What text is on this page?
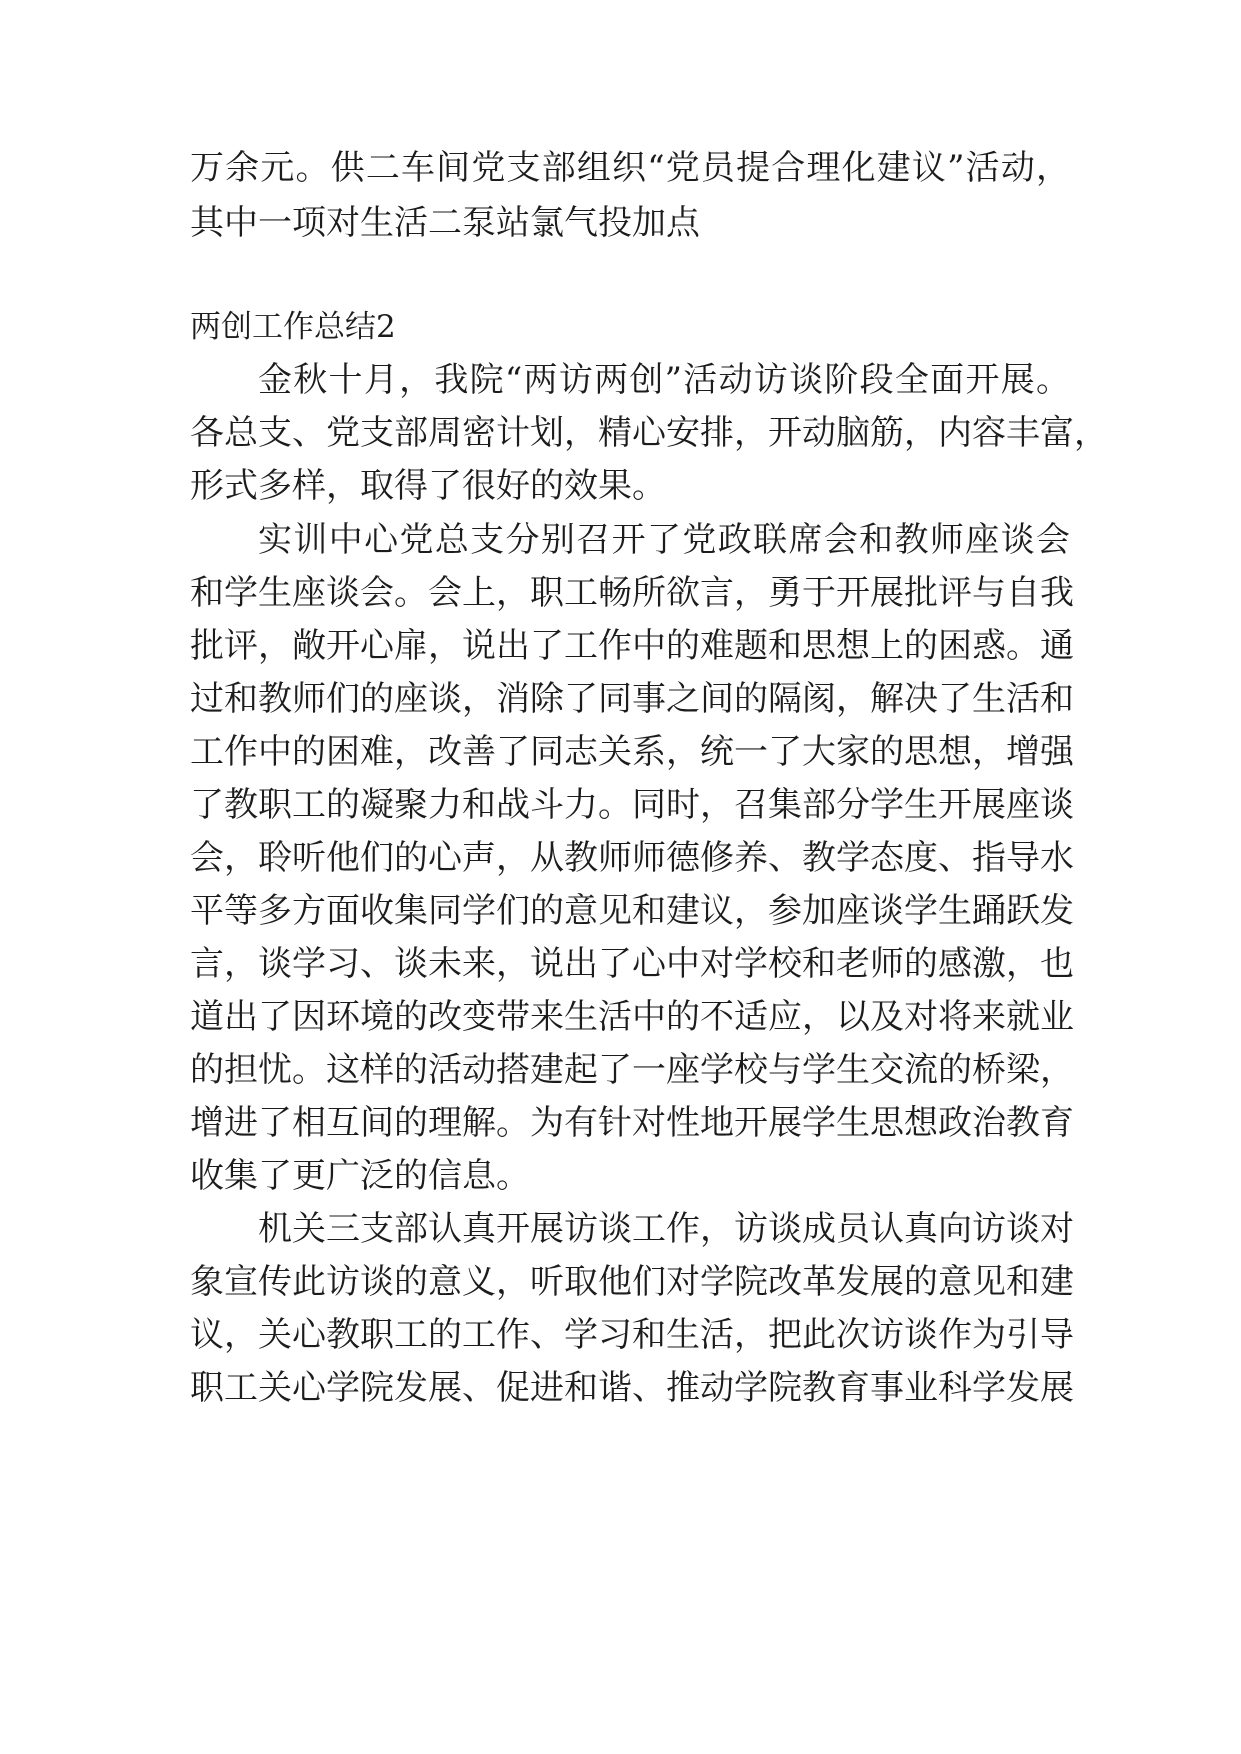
万余元。供二车间党支部组织“党员提合理化建议”活动，
其中一项对生活二泵站氯气投加点
两创工作总结2
金秋十月，我院“两访两创”活动访谈阶段全面开展。
各总支、党支部周密计划，精心安排，开动脑筋，内容丰富，
形式多样，取得了很好的效果。
实训中心党总支分别召开了党政联席会和教师座谈会
和学生座谈会。会上，职工畅所欲言，勇于开展批评与自我
批评，敞开心扉，说出了工作中的难题和思想上的困惑。通
过和教师们的座谈，消除了同事之间的隔阂，解决了生活和
工作中的困难，改善了同志关系，统一了大家的思想，增强
了教职工的凝聚力和战斗力。同时，召集部分学生开展座谈
会，聆听他们的心声，从教师师德修养、教学态度、指导水
平等多方面收集同学们的意见和建议，参加座谈学生踊跃发
言，谈学习、谈未来，说出了心中对学校和老师的感激，也
道出了因环境的改变带来生活中的不适应，以及对将来就业
的担忧。这样的活动搭建起了一座学校与学生交流的桥梁，
增进了相互间的理解。为有针对性地开展学生思想政治教育
收集了更广泛的信息。
机关三支部认真开展访谈工作，访谈成员认真向访谈对
象宣传此访谈的意义，听取他们对学院改革发展的意见和建
议，关心教职工的工作、学习和生活，把此次访谈作为引导
职工关心学院发展、促进和谐、推动学院教育事业科学发展
